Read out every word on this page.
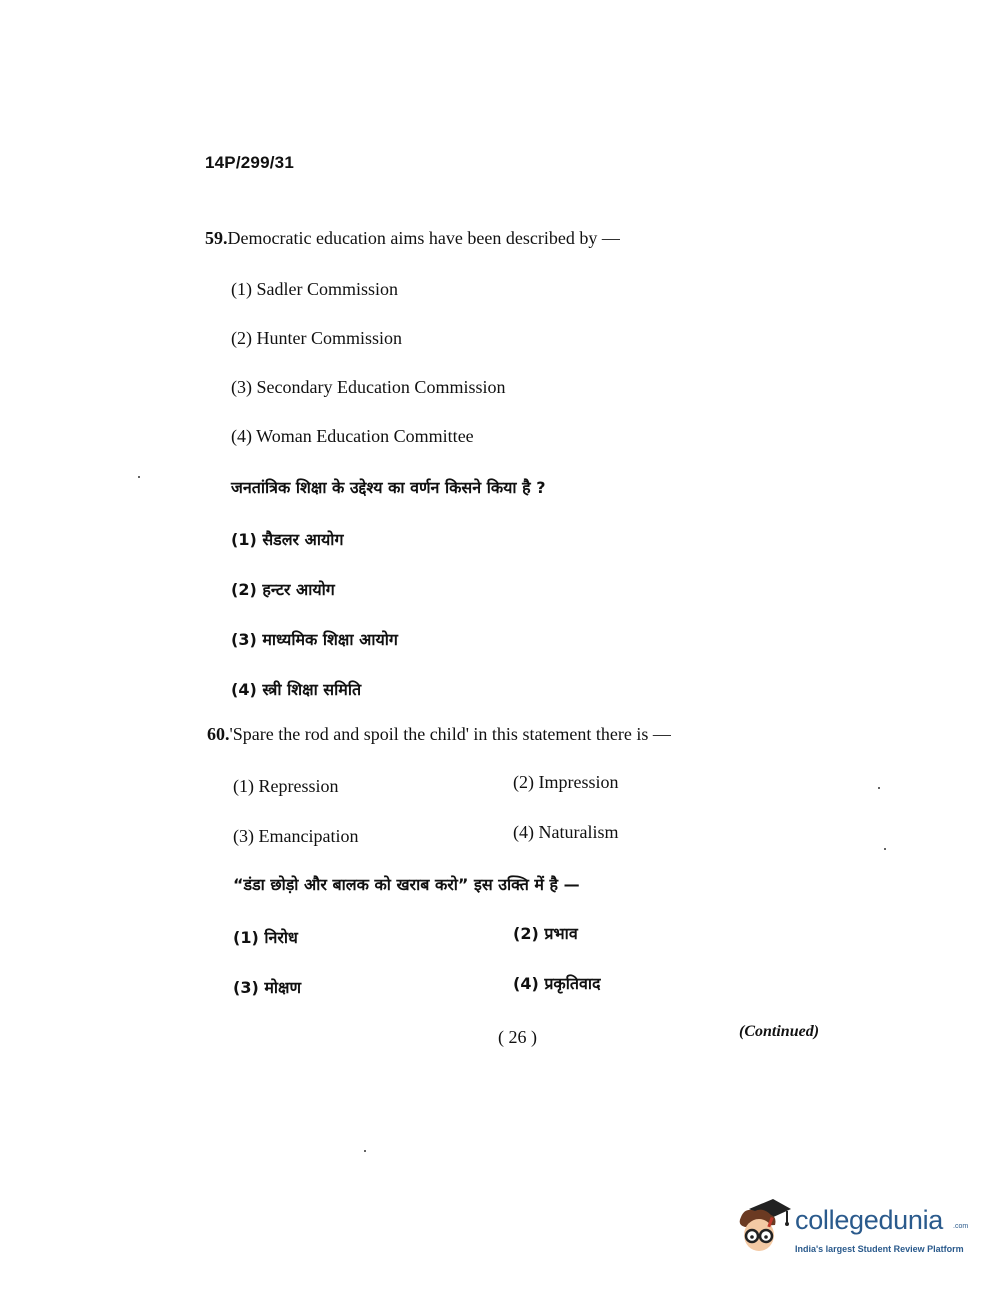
14P/299/31
59.Democratic education aims have been described by —
(1) Sadler Commission
(2) Hunter Commission
(3) Secondary Education Commission
(4) Woman Education Committee
जनतांत्रिक शिक्षा के उद्देश्य का वर्णन किसने किया है ?
(1) सैडलर आयोग
(2) हन्टर आयोग
(3) माध्यमिक शिक्षा आयोग
(4) स्त्री शिक्षा समिति
60.'Spare the rod and spoil the child' in this statement there is —
(1) Repression	(2) Impression
(3) Emancipation	(4) Naturalism
“डंडा छोड़ो और बालक को खराब करो” इस उक्ति में है —
(1) निरोध	(2) प्रभाव
(3) मोक्षण	(4) प्रकृतिवाद
( 26 )	(Continued)
collegedunia .com
India's largest Student Review Platform
